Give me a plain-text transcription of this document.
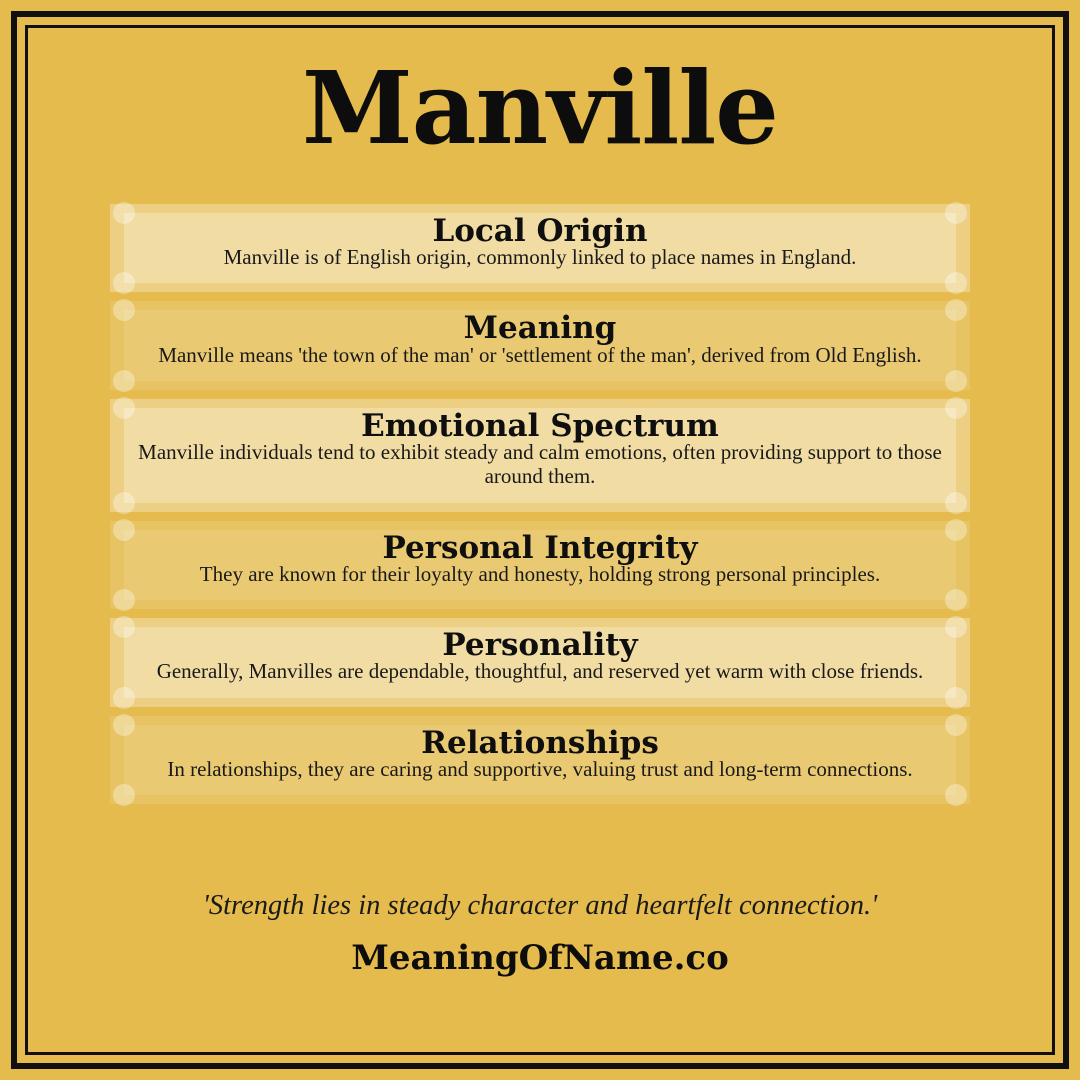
Manville
Local Origin

Manville is of English origin, commonly linked to place names in England.

Meaning

Manville means 'the town of the man' or 'settlement of the man', derived from Old English.

Emotional Spectrum

Manville individuals tend to exhibit steady and calm emotions, often providing support to those around them.

Personal Integrity

They are known for their loyalty and honesty, holding strong personal principles.

Personality

Generally, Manvilles are dependable, thoughtful, and reserved yet warm with close friends.

Relationships

In relationships, they are caring and supportive, valuing trust and long-term connections.

'Strength lies in steady character and heartfelt connection.'

MeaningOfName.co
